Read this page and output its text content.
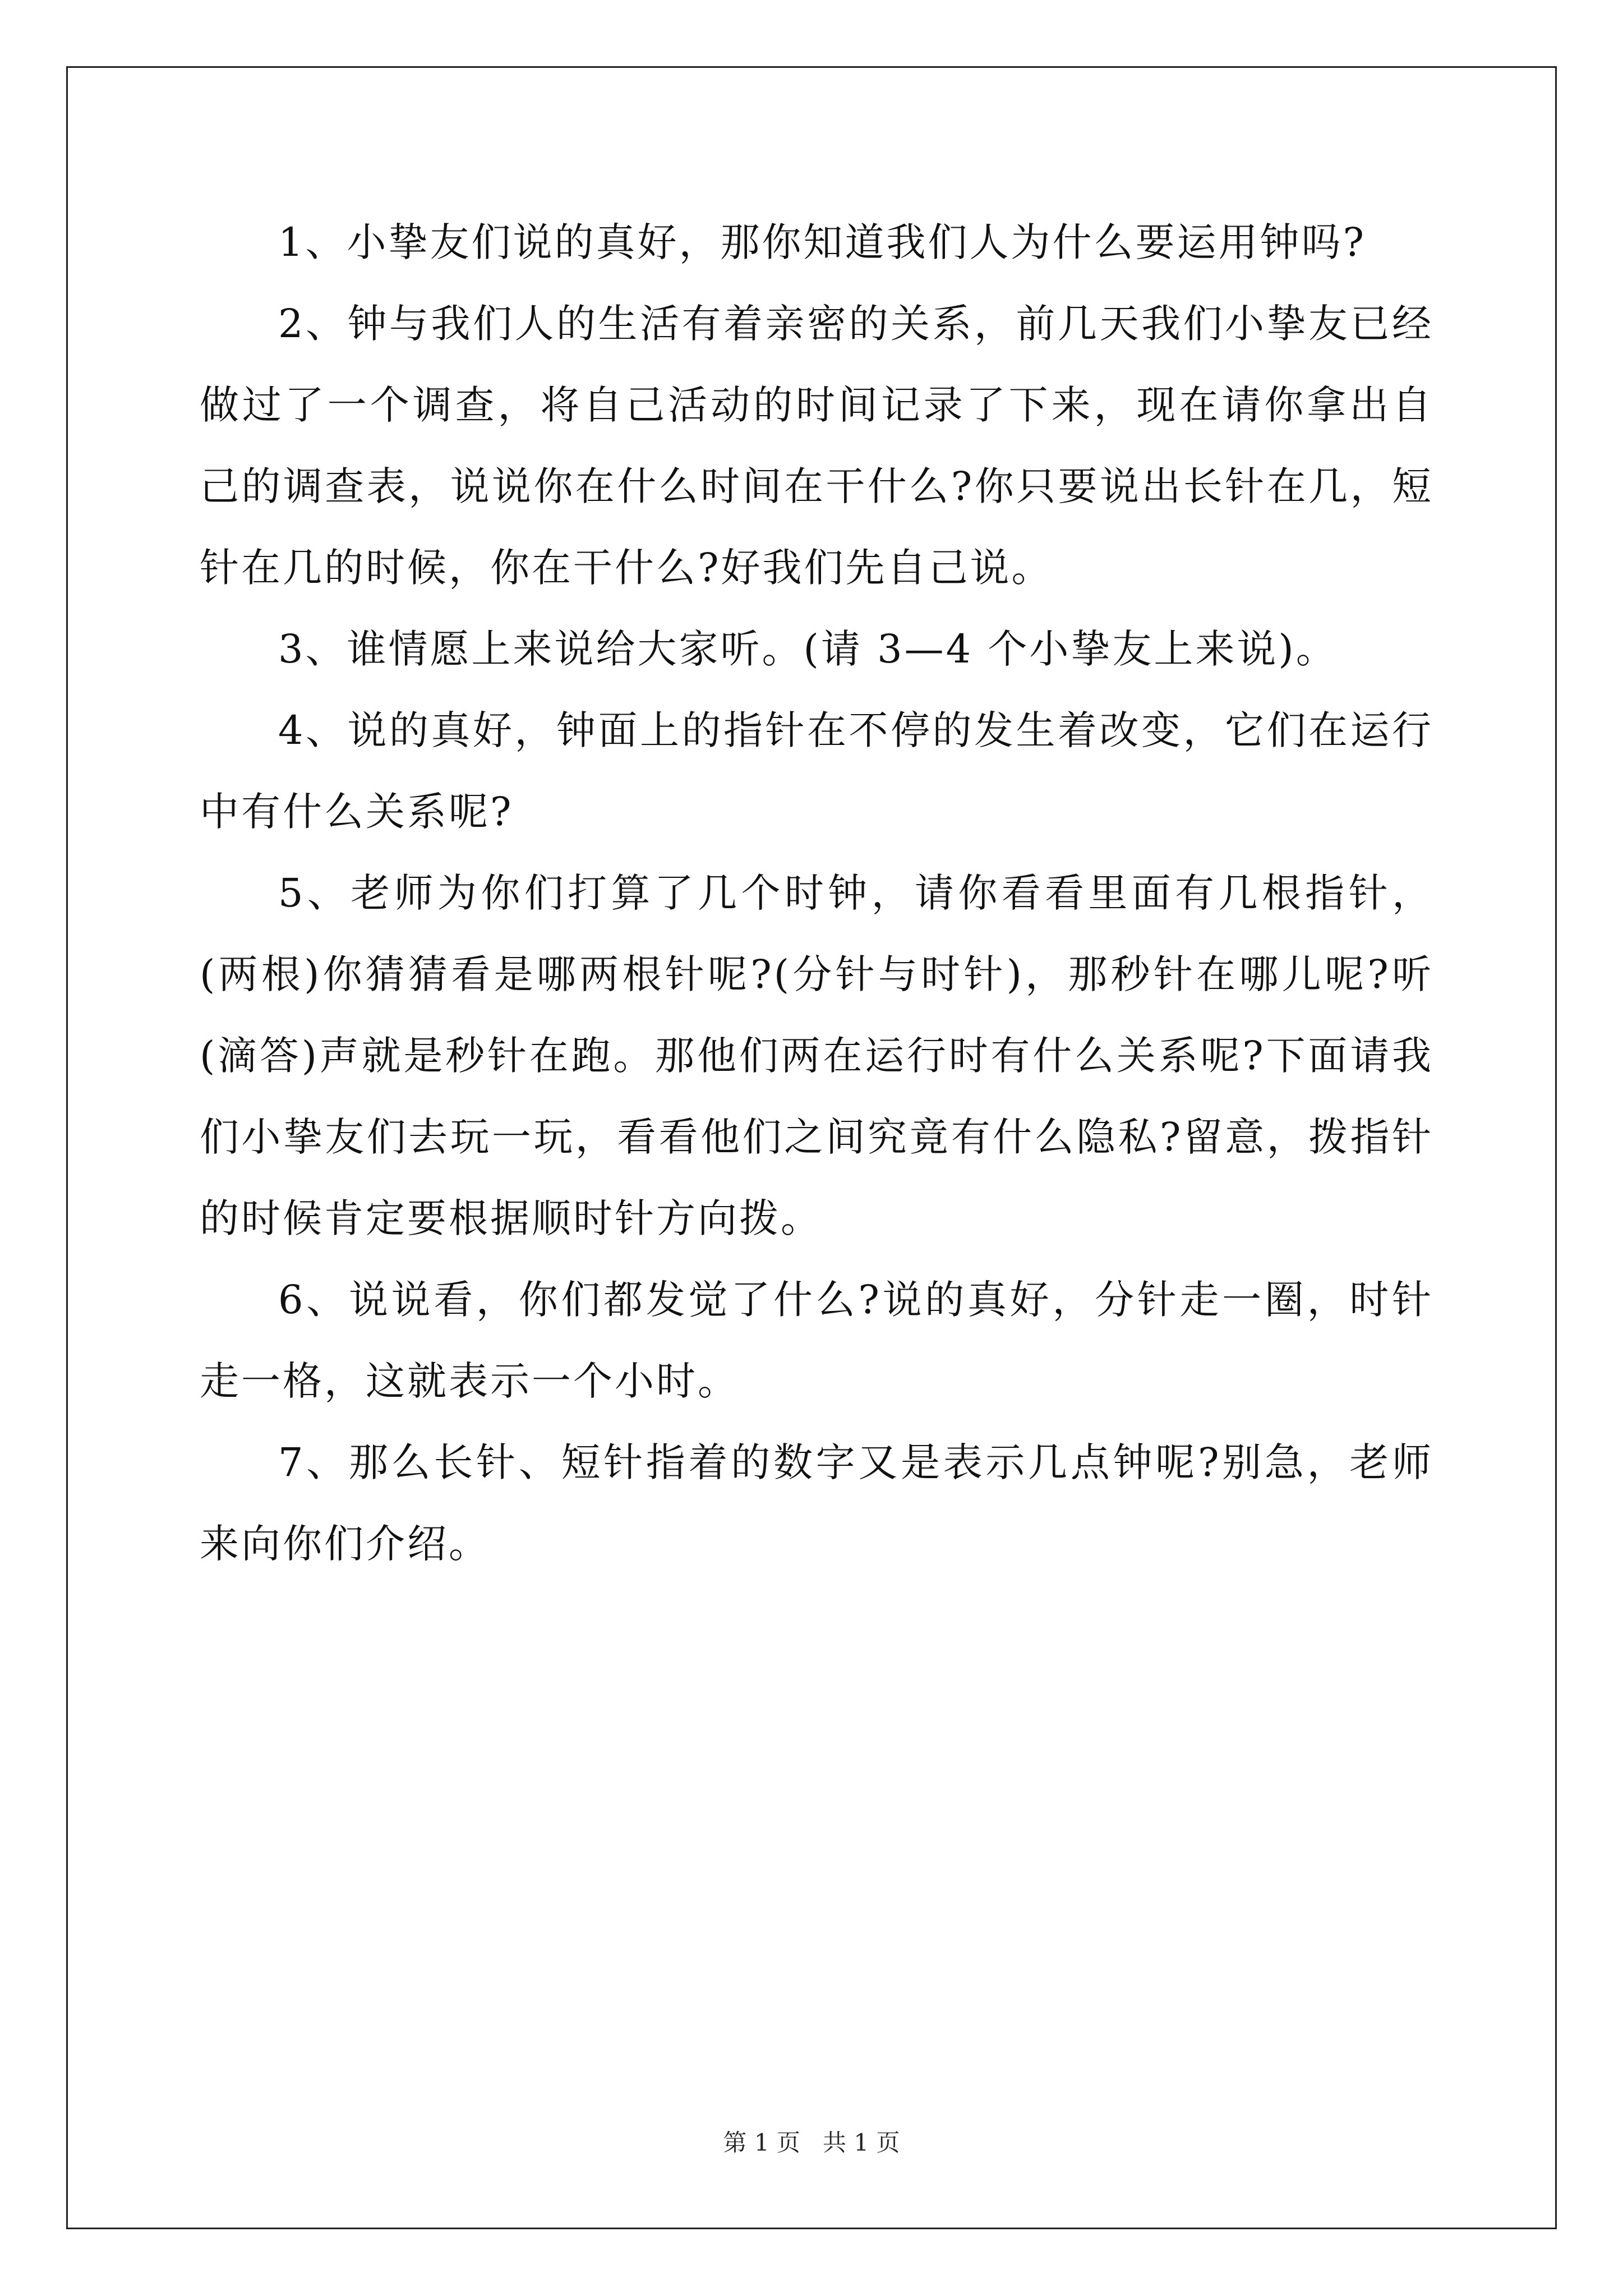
1、小挚友们说的真好，那你知道我们人为什么要运用钟吗?

2、钟与我们人的生活有着亲密的关系，前几天我们小挚友已经做过了一个调查，将自己活动的时间记录了下来，现在请你拿出自己的调查表，说说你在什么时间在干什么?你只要说出长针在几，短针在几的时候，你在干什么?好我们先自己说。

3、谁情愿上来说给大家听。(请 3—4 个小挚友上来说)。

4、说的真好，钟面上的指针在不停的发生着改变，它们在运行中有什么关系呢?

5、老师为你们打算了几个时钟，请你看看里面有几根指针，(两根)你猜猜看是哪两根针呢?(分针与时针)，那秒针在哪儿呢?听(滴答)声就是秒针在跑。那他们两在运行时有什么关系呢?下面请我们小挚友们去玩一玩，看看他们之间究竟有什么隐私?留意，拨指针的时候肯定要根据顺时针方向拨。

6、说说看，你们都发觉了什么?说的真好，分针走一圈，时针走一格，这就表示一个小时。

7、那么长针、短针指着的数字又是表示几点钟呢?别急，老师来向你们介绍。

第 1 页 共 1 页
